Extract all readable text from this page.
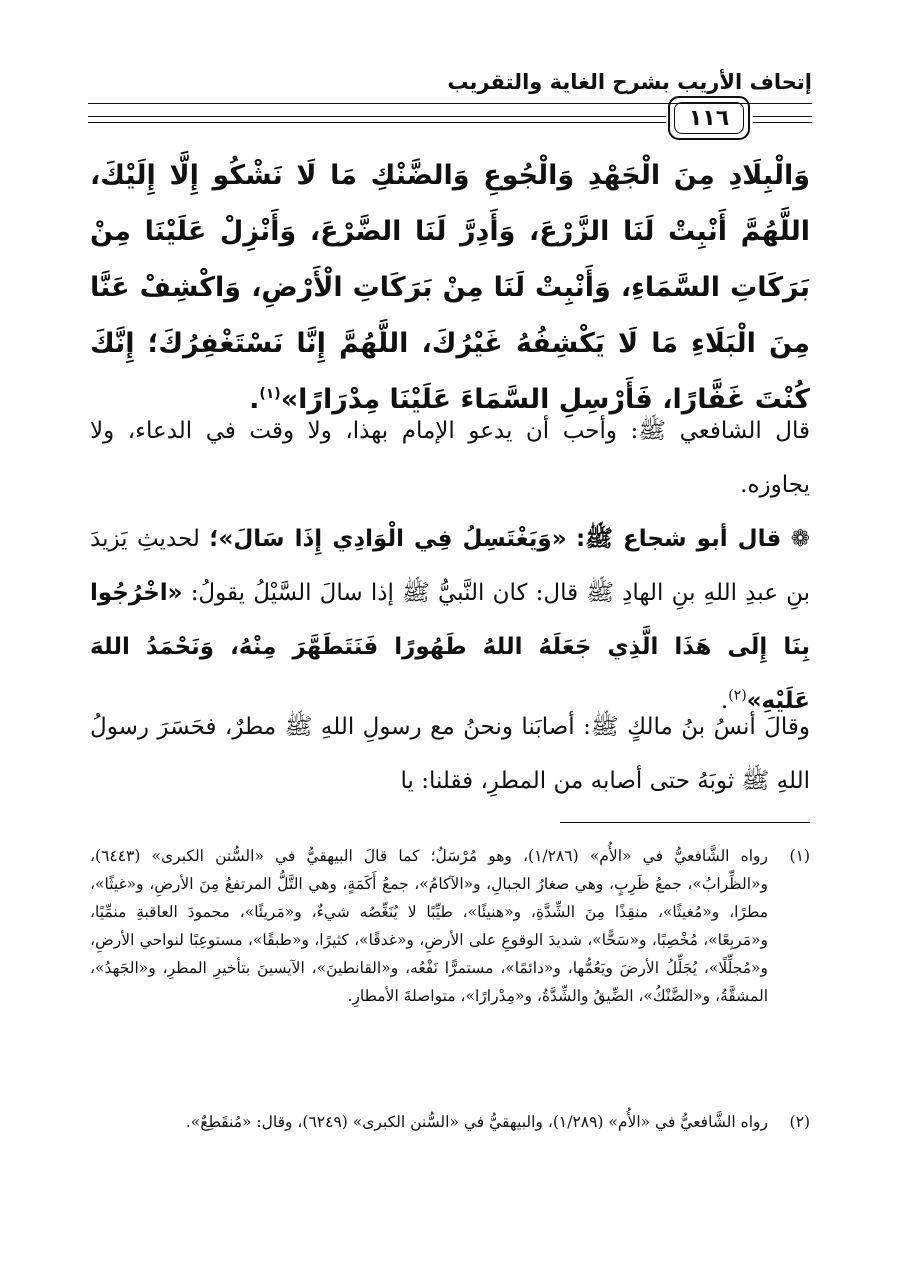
إتحاف الأريب بشرح الغاية والتقريب
١١٦
وَالْبِلَادِ مِنَ الْجَهْدِ وَالْجُوعِ وَالضَّنْكِ مَا لَا نَشْكُو إِلَّا إِلَيْكَ، اللَّهُمَّ أَنْبِتْ لَنَا الزَّرْعَ، وَأَدِرَّ لَنَا الضَّرْعَ، وَأَنْزِلْ عَلَيْنَا مِنْ بَرَكَاتِ السَّمَاءِ، وَأَنْبِتْ لَنَا مِنْ بَرَكَاتِ الْأَرْضِ، وَاكْشِفْ عَنَّا مِنَ الْبَلَاءِ مَا لَا يَكْشِفُهُ غَيْرُكَ، اللَّهُمَّ إِنَّا نَسْتَغْفِرُكَ؛ إِنَّكَ كُنْتَ غَفَّارًا، فَأَرْسِلِ السَّمَاءَ عَلَيْنَا مِدْرَارًا»$^{(١)}$.
قال الشافعي ﷺ: وأحب أن يدعو الإمام بهذا، ولا وقت في الدعاء، ولا يجاوزه.
❁ قال أبو شجاع ﷺ: «وَيَغْتَسِلُ فِي الْوَادِي إِذَا سَالَ»؛ لحديثِ يَزيدَ بنِ عبدِ اللهِ بنِ الهادِ ﷺ قال: كان النَّبيُّ ﷺ إذا سالَ السَّيْلُ يقولُ: «اخْرُجُوا بِنَا إِلَى هَذَا الَّذِي جَعَلَهُ اللهُ طَهُورًا فَنَتَطَهَّرَ مِنْهُ، وَنَحْمَدُ اللهَ عَلَيْهِ»$^{(٢)}$.
وقالَ أنسُ بنُ مالكٍ ﷺ: أصابَنا ونحنُ مع رسولِ اللهِ ﷺ مطرٌ، فحَسَرَ رسولُ اللهِ ﷺ ثوبَهُ حتى أصابه من المطرِ، فقلنا: يا
(١)
رواه الشَّافعيُّ في «الأُم» (١/٢٨٦)، وهو مُرْسَلٌ؛ كما قالَ البيهقيُّ في «السُّنن الكبرى» (٦٤٤٣)، و«الظِّرابُ»، جمعُ ظَرِبٍ، وهي صغارُ الجبالِ، و«الآكامُ»، جمعُ أَكَمَةٍ، وهي التَّلُّ المرتفعُ مِنَ الأرضِ، و«غيثًا»، مطرًا، و«مُغيثًا»، منقِذًا مِنَ الشِّدَّةِ، و«هنيئًا»، طيِّبًا لا يُنَغِّصُه شيءٌ، و«مَريئًا»، محمودَ العاقبةِ منمِّيًا، و«مَربِعًا»، مُخْصِبًا، و«سَحًّا»، شديدَ الوقوعِ على الأرضِ، و«غدقًا»، كثيرًا، و«طبقًا»، مستوعِبًا لنواحي الأرضِ، و«مُجلِّلًا»، يُجَلِّلُ الأرضَ ويَعُمُّها، و«دائمًا»، مستمرًّا نَفْعُه، و«القانطينَ»، الآيسينَ بتأخيرِ المطرِ، و«الجَهدُ»، المشقَّةُ، و«الضَّنْكُ»، الضِّيقُ والشِّدَّةُ، و«مِدْرارًا»، متواصلةَ الأمطارِ.
(٢)
رواه الشَّافعيُّ في «الأُم» (١/٢٨٩)، والبيهقيُّ في «السُّنن الكبرى» (٦٢٤٩)، وقال: «مُنقَطِعٌ».
